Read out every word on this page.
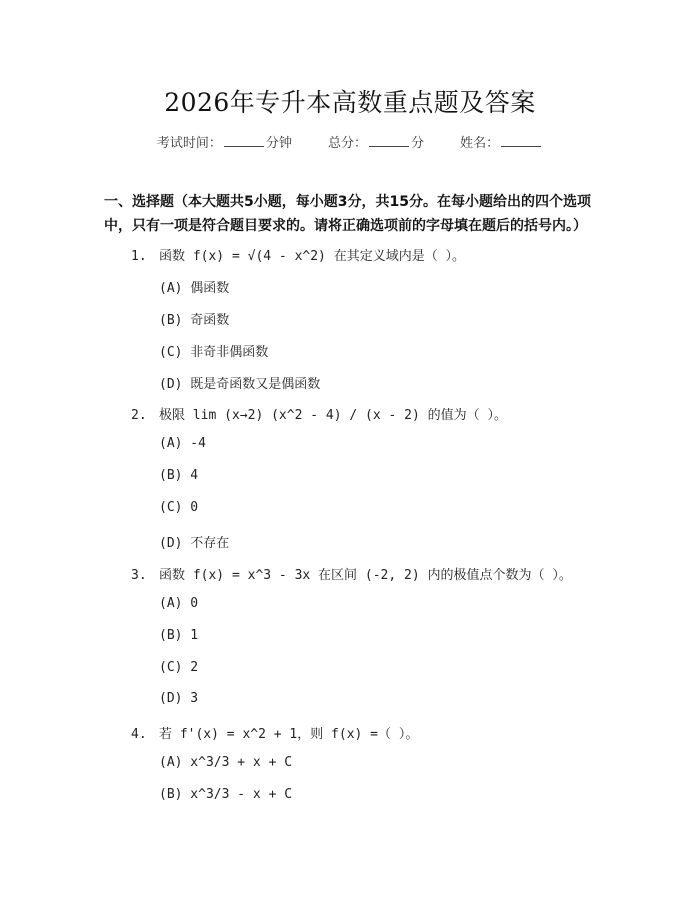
2026年专升本高数重点题及答案
考试时间：	分钟	总分：	分	姓名：
一、选择题（本大题共5小题，每小题3分，共15分。在每小题给出的四个选项
中，只有一项是符合题目要求的。请将正确选项前的字母填在题后的括号内。）
1. 函数 f(x) = √(4 - x^2) 在其定义域内是（ ）。
(A) 偶函数
(B) 奇函数
(C) 非奇非偶函数
(D) 既是奇函数又是偶函数
2. 极限 lim (x→2) (x^2 - 4) / (x - 2) 的值为（ ）。
(A) -4
(B) 4
(C) 0
(D) 不存在
3. 函数 f(x) = x^3 - 3x 在区间 (-2, 2) 内的极值点个数为（ ）。
(A) 0
(B) 1
(C) 2
(D) 3
4. 若 f'(x) = x^2 + 1，则 f(x) =（ ）。
(A) x^3/3 + x + C
(B) x^3/3 - x + C
